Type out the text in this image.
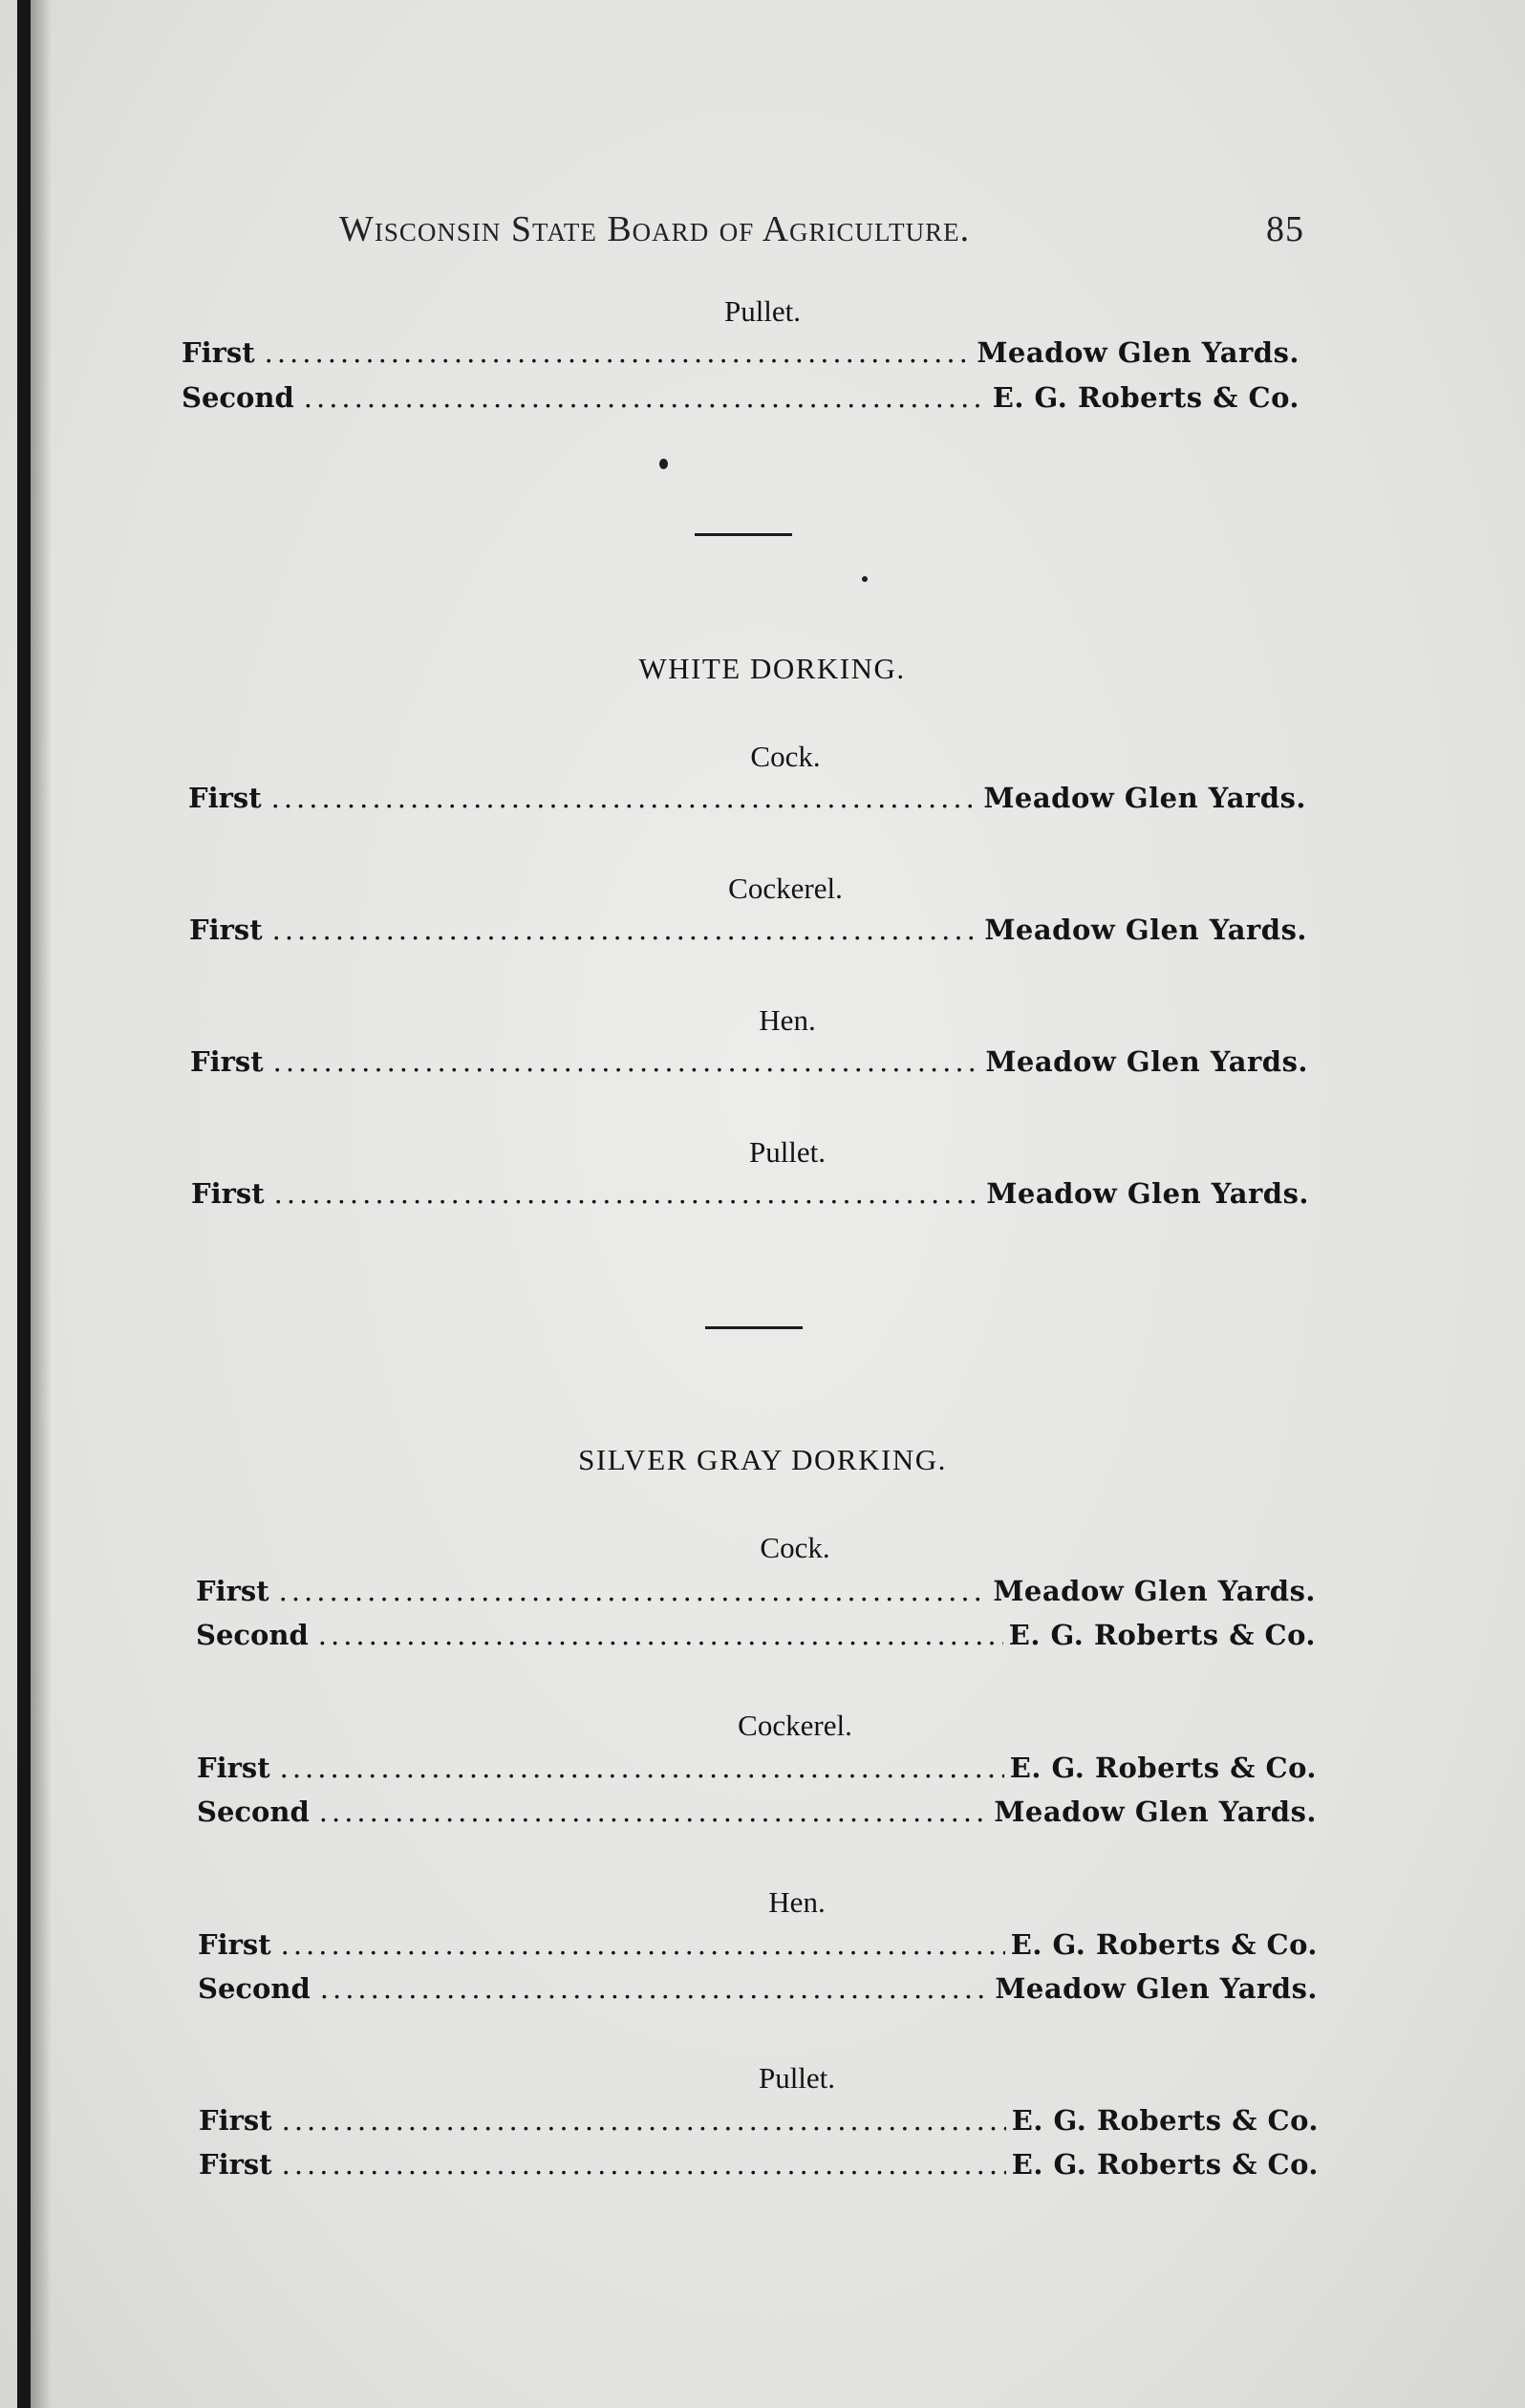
Wisconsin State Board of Agriculture.	85
Pullet.
First .....	Meadow Glen Yards.
Second .....	E. G. Roberts & Co.
WHITE DORKING.
Cock.
First .....	Meadow Glen Yards.
Cockerel.
First .....	Meadow Glen Yards.
Hen.
First .....	Meadow Glen Yards.
Pullet.
First .....	Meadow Glen Yards.
SILVER GRAY DORKING.
Cock.
First .....	Meadow Glen Yards.
Second .....	E. G. Roberts & Co.
Cockerel.
First .....	E. G. Roberts & Co.
Second .....	Meadow Glen Yards.
Hen.
First .....	E. G. Roberts & Co.
Second .....	Meadow Glen Yards.
Pullet.
First .....	E. G. Roberts & Co.
First .....	E. G. Roberts & Co.
